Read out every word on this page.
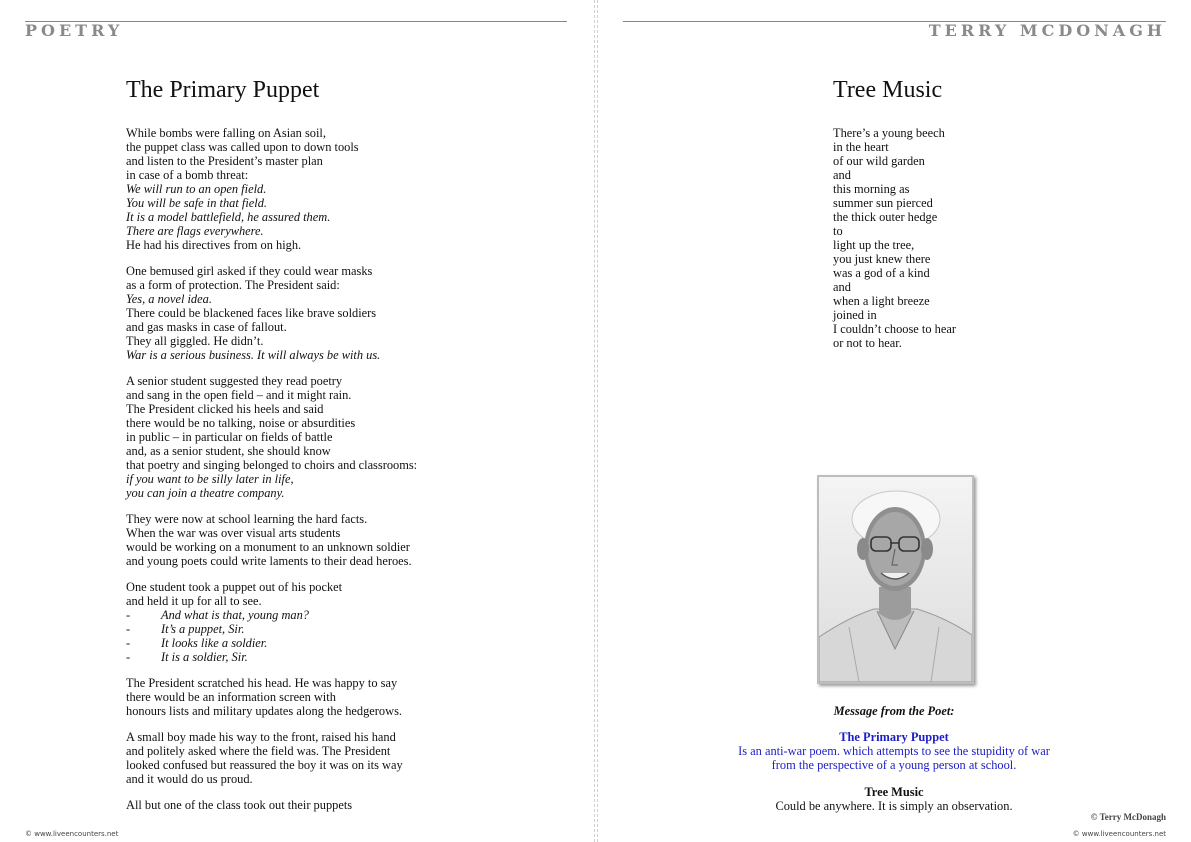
POETRY
The Primary Puppet
While bombs were falling on Asian soil,
the puppet class was called upon to down tools
and listen to the President’s master plan
in case of a bomb threat:
We will run to an open field.
You will be safe in that field.
It is a model battlefield, he assured them.
There are flags everywhere.
He had his directives from on high.
One bemused girl asked if they could wear masks
as a form of protection. The President said:
Yes, a novel idea.
There could be blackened faces like brave soldiers
and gas masks in case of fallout.
They all giggled. He didn’t.
War is a serious business. It will always be with us.
A senior student suggested they read poetry
and sang in the open field – and it might rain.
The President clicked his heels and said
there would be no talking, noise or absurdities
in public – in particular on fields of battle
and, as a senior student, she should know
that poetry and singing belonged to choirs and classrooms:
if you want to be silly later in life,
you can join a theatre company.
They were now at school learning the hard facts.
When the war was over visual arts students
would be working on a monument to an unknown soldier
and young poets could write laments to their dead heroes.
One student took a puppet out of his pocket
and held it up for all to see.
- And what is that, young man?
- It’s a puppet, Sir.
- It looks like a soldier.
- It is a soldier, Sir.
The President scratched his head. He was happy to say
there would be an information screen with
honours lists and military updates along the hedgerows.
A small boy made his way to the front, raised his hand
and politely asked where the field was. The President
looked confused but reassured the boy it was on its way
and it would do us proud.
All but one of the class took out their puppets
© www.liveencounters.net
TERRY MCDONAGH
Tree Music
There’s a young beech
in the heart
of our wild garden
and
this morning as
summer sun pierced
the thick outer hedge
to
light up the tree,
you just knew there
was a god of a kind
and
when a light breeze
joined in
I couldn’t choose to hear
or not to hear.
Message from the Poet:
The Primary Puppet
Is an anti-war poem. which attempts to see the stupidity of war
from the perspective of a young person at school.
Tree Music
Could be anywhere. It is simply an observation.
© Terry McDonagh
© www.liveencounters.net
